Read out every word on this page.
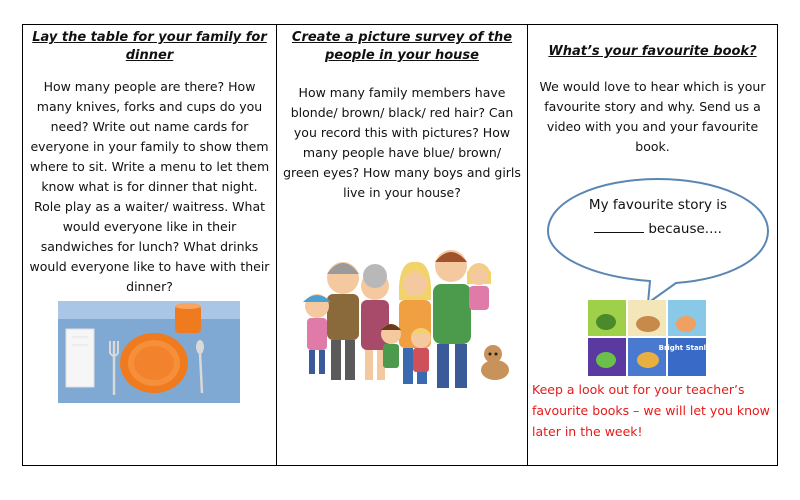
Lay the table for your family for dinner
How many people are there? How many knives, forks and cups do you need? Write out name cards for everyone in your family to show them where to sit. Write a menu to let them know what is for dinner that night. Role play as a waiter/ waitress. What would everyone like in their sandwiches for lunch? What drinks would everyone like to have with their dinner?
Create a picture survey of the people in your house
How many family members have blonde/ brown/ black/ red hair? Can you record this with pictures? How many people have blue/ brown/ green eyes? How many boys and girls live in your house?
What’s your favourite book?
We would love to hear which is your favourite story and why. Send us a video with you and your favourite book.
My favourite story is
because....
Bright Stanley
Keep a look out for your teacher’s favourite books – we will let you know later in the week!
